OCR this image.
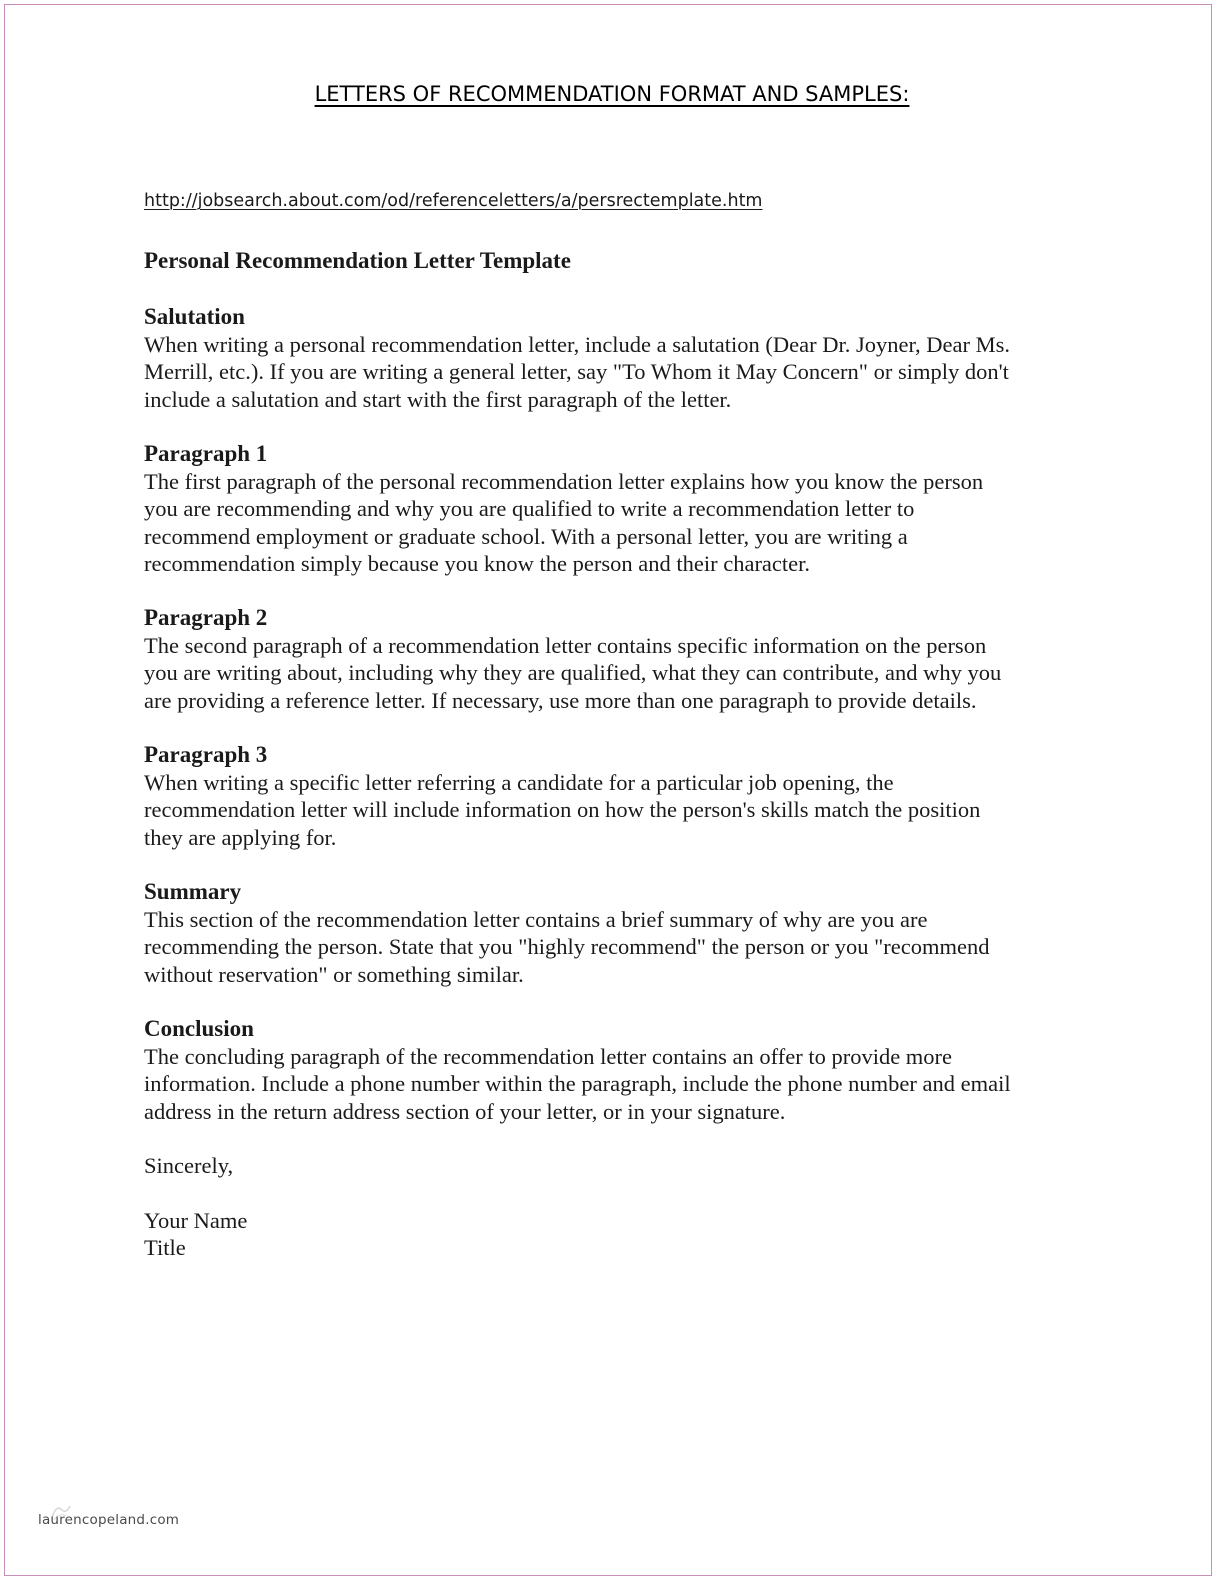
LETTERS OF RECOMMENDATION FORMAT AND SAMPLES:
http://jobsearch.about.com/od/referenceletters/a/persrectemplate.htm
Personal Recommendation Letter Template
Salutation

When writing a personal recommendation letter, include a salutation (Dear Dr. Joyner, Dear Ms.

Merrill, etc.). If you are writing a general letter, say "To Whom it May Concern" or simply don't

include a salutation and start with the first paragraph of the letter.

Paragraph 1

The first paragraph of the personal recommendation letter explains how you know the person

you are recommending and why you are qualified to write a recommendation letter to

recommend employment or graduate school. With a personal letter, you are writing a

recommendation simply because you know the person and their character.

Paragraph 2

The second paragraph of a recommendation letter contains specific information on the person

you are writing about, including why they are qualified, what they can contribute, and why you

are providing a reference letter. If necessary, use more than one paragraph to provide details.

Paragraph 3

When writing a specific letter referring a candidate for a particular job opening, the

recommendation letter will include information on how the person's skills match the position

they are applying for.

Summary

This section of the recommendation letter contains a brief summary of why are you are

recommending the person. State that you "highly recommend" the person or you "recommend

without reservation" or something similar.

Conclusion

The concluding paragraph of the recommendation letter contains an offer to provide more

information. Include a phone number within the paragraph, include the phone number and email

address in the return address section of your letter, or in your signature.

Sincerely,

Your Name

Title

laurencopeland.com
